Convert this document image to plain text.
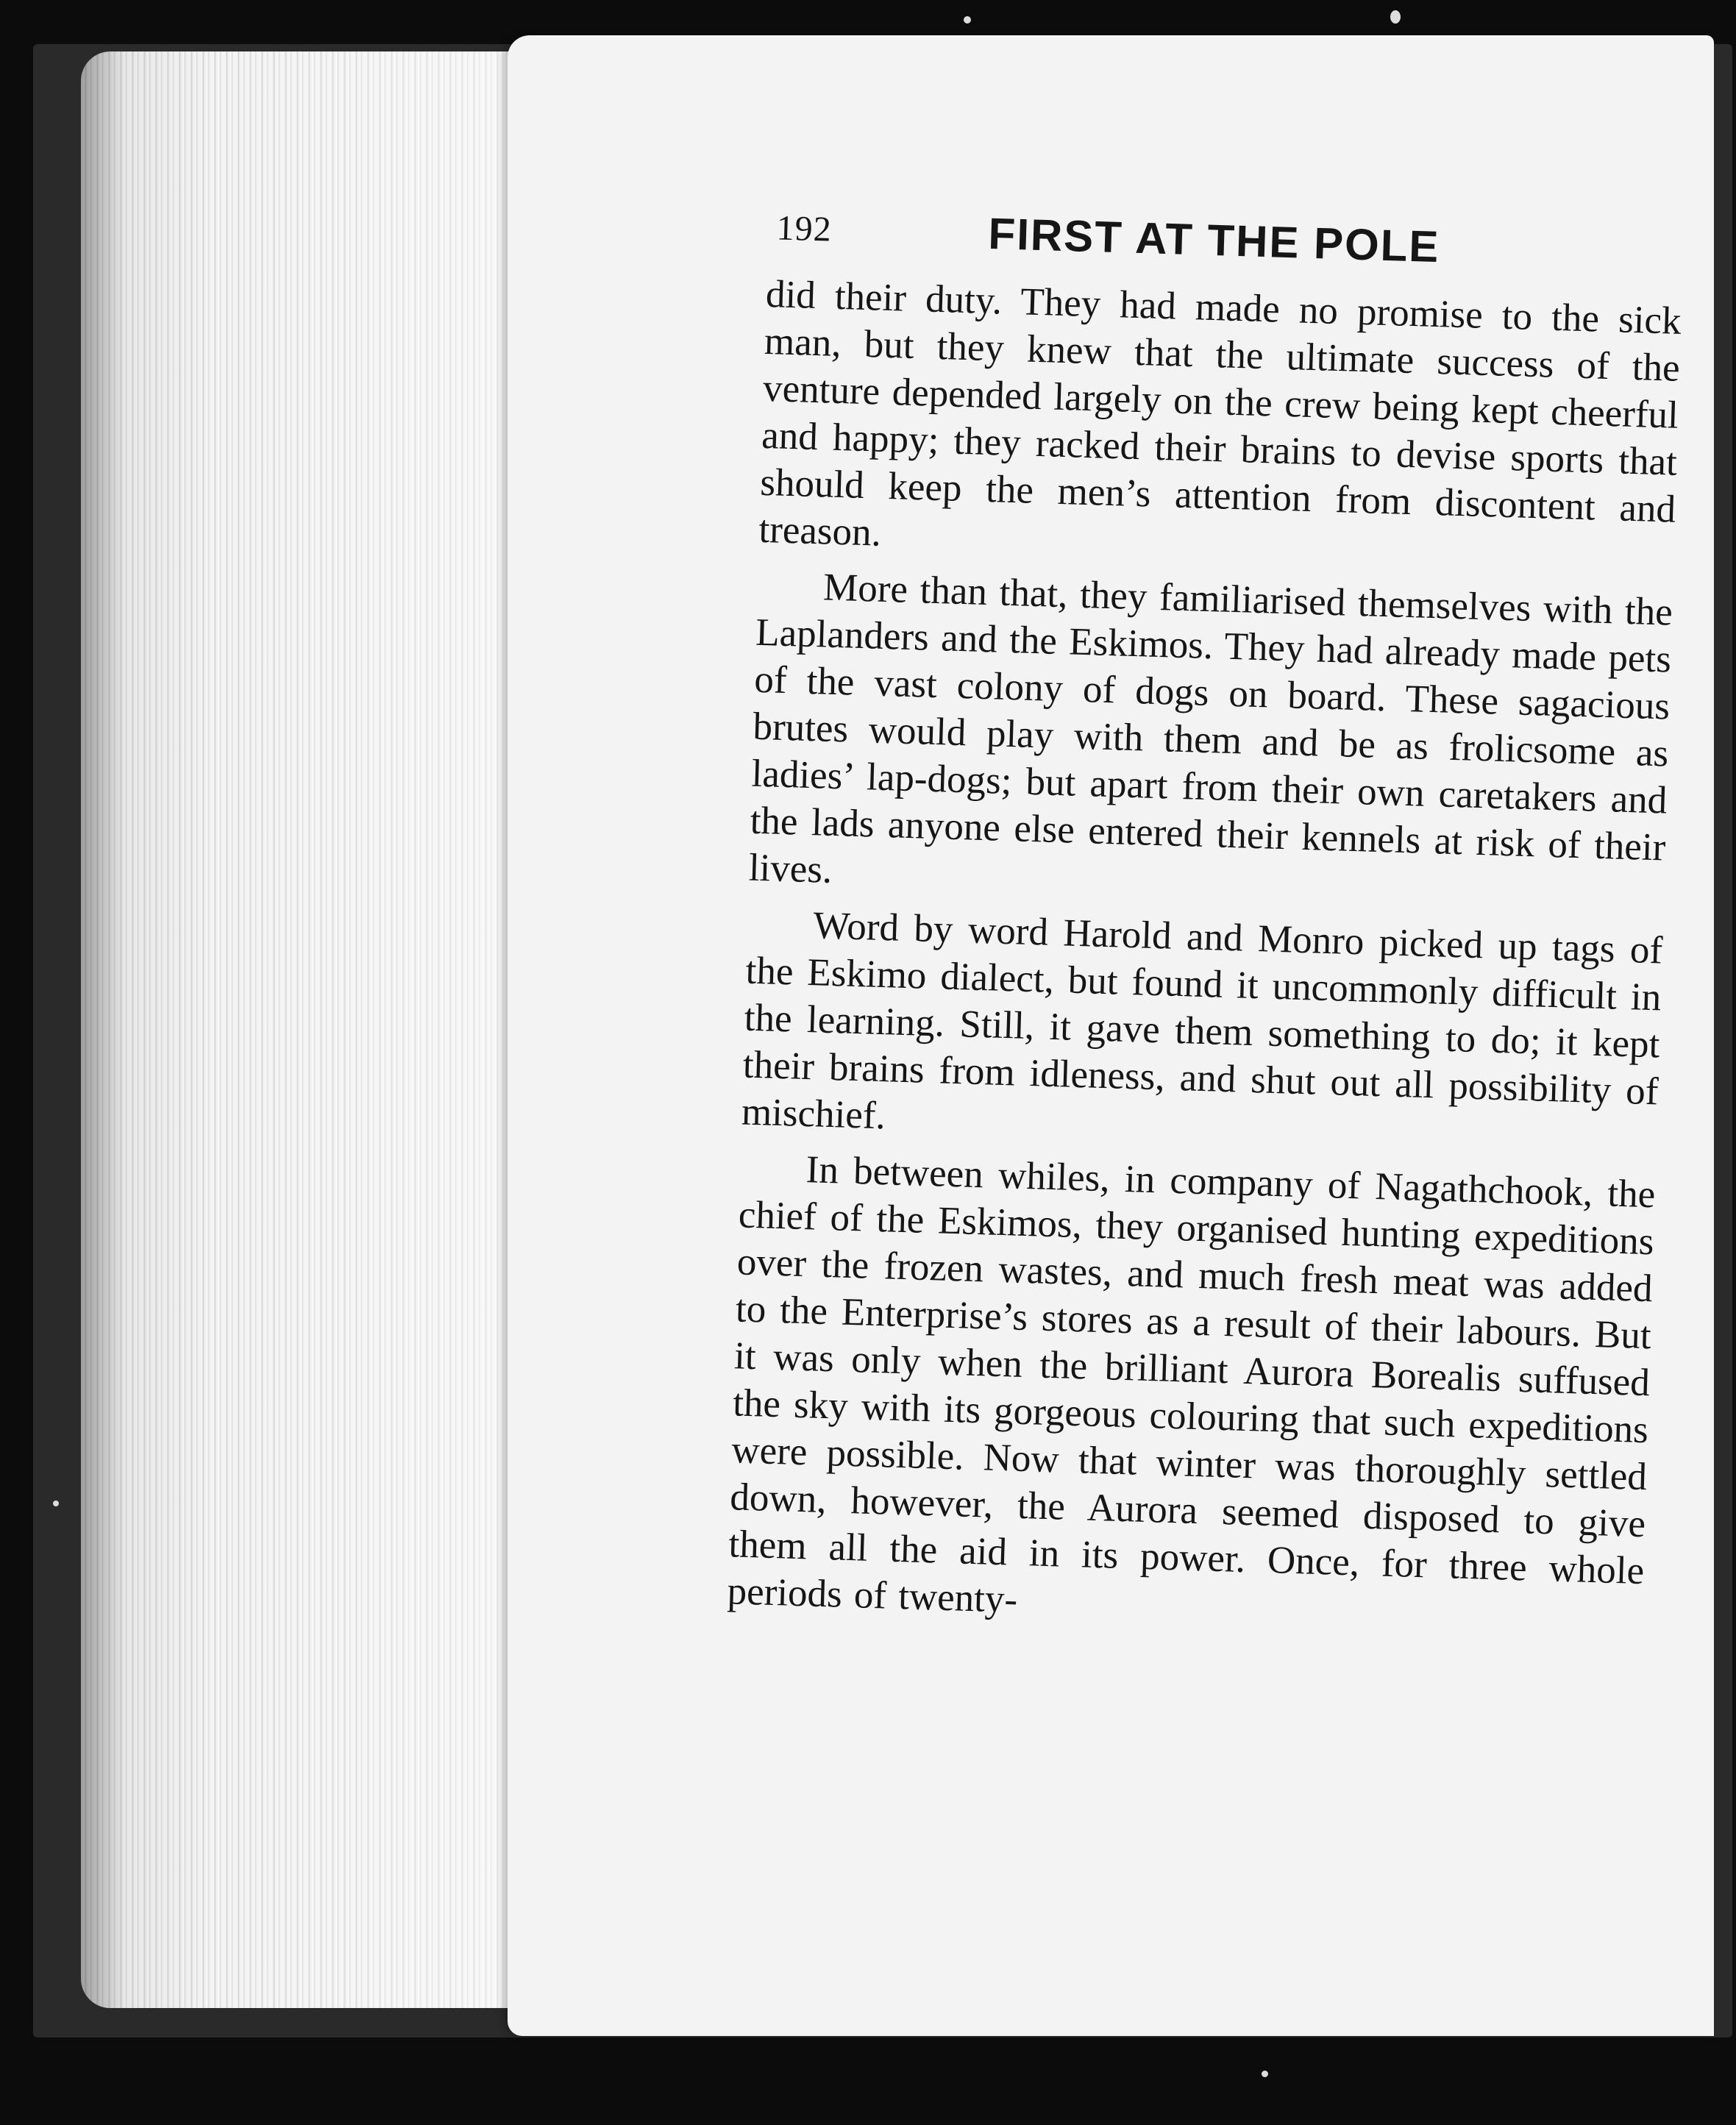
192	FIRST AT THE POLE

did their duty. They had made no promise to the sick man, but they knew that the ultimate success of the venture depended largely on the crew being kept cheerful and happy; they racked their brains to devise sports that should keep the men’s attention from discontent and treason.

More than that, they familiarised themselves with the Laplanders and the Eskimos. They had already made pets of the vast colony of dogs on board. These sagacious brutes would play with them and be as frolicsome as ladies’ lap-dogs; but apart from their own caretakers and the lads anyone else entered their kennels at risk of their lives.

Word by word Harold and Monro picked up tags of the Eskimo dialect, but found it uncommonly difficult in the learning. Still, it gave them something to do; it kept their brains from idleness, and shut out all possibility of mischief.

In between whiles, in company of Nagathchook, the chief of the Eskimos, they organised hunting expeditions over the frozen wastes, and much fresh meat was added to the Enterprise’s stores as a result of their labours. But it was only when the brilliant Aurora Borealis suffused the sky with its gorgeous colouring that such expeditions were possible. Now that winter was thoroughly settled down, however, the Aurora seemed disposed to give them all the aid in its power. Once, for three whole periods of twenty-
